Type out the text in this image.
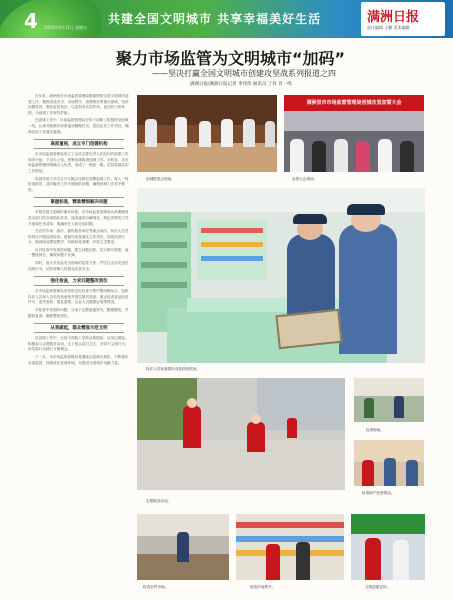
4 2020年9月11日 星期五
共建全国文明城市 共享幸福美好生活	满洲日报
责任编辑 王鹏 美术编辑
聚力市场监管为文明城市“加码”
——坚决打赢全国文明城市创建攻坚战系列报道之四
满洲日报/满洲日报记者 李伟伟 通讯员 丁祥 肖一鸣

近年来，满洲里市市场监督管理局紧紧围绕全国文明城市创建工作，聚焦食品安全、市场秩序、消费维权等重点领域，坚持问题导向，强化监管执法，以更加务实的作风、更加有力的举措，为创城工作保驾护航。

在创城工作中，市场监督管理局全体干部职工积极投身创城一线，认真对照测评体系逐项梳理任务，层层压实工作责任，确保各项工作落实落细。

高度重视，成立专门创建机构

市市场监督管理局成立了由局主要负责人任组长的创建工作领导小组，下设办公室，统筹协调推进创城工作。各科室、各市场监督管理所明确专人负责，形成了一级抓一级、层层抓落实的工作格局。

局领导班子多次召开专题会议研究部署创城工作，深入一线检查指导，及时解决工作中遇到的问题，确保创城工作有序推进。

掌握标准，精准精细解决问题

对照全国文明城市测评体系，市市场监督管理局认真梳理涉及本部门的各项指标任务，逐条逐项分解细化，制定详细的工作方案和任务清单，明确责任人和完成时限。

在农贸市场、超市、餐饮服务单位等重点场所，执法人员坚持每日开展巡查检查，督促经营者落实主体责任，规范经营行为，做到商品摆放整齐、价格标签清晰、环境卫生整洁。

针对检查中发现的问题，建立问题台账，实行销号管理，逐一整改到位，确保问题不反弹。

同时，加大对食品安全领域的监管力度，严厉打击各类违法违规行为，切实保障人民群众饮食安全。

强化检查，力求问题整改到位

市市场监督管理局坚持常态化检查与集中整治相结合，组织执法人员深入各类经营场所开展拉网式检查，重点检查食品经营许可、进货查验、索证索票、从业人员健康证明等情况。

对检查中发现的问题，当场下达整改通知书，限期整改，并跟踪复查，确保整改到位。

从我做起，群众精准示范文明

在创城工作中，全局干部职工坚持从我做起、从身边做起，积极参与志愿服务活动，走上街头清扫卫生、劝导不文明行为，用实际行动践行文明理念。

下一步，市市场监督管理局将继续以创城为契机，不断强化市场监管，持续优化营商环境，为建设文明城市贡献力量。

创城推进会现场。
满洲里市市场监督管理局创城攻坚宣誓大会
宣誓大会现场。
执法人员检查超市食品经营情况。
志愿服务活动。
检查现场。
检查商户经营情况。
检查农贸市场。	规范市场秩序。	文明创建宣传。
